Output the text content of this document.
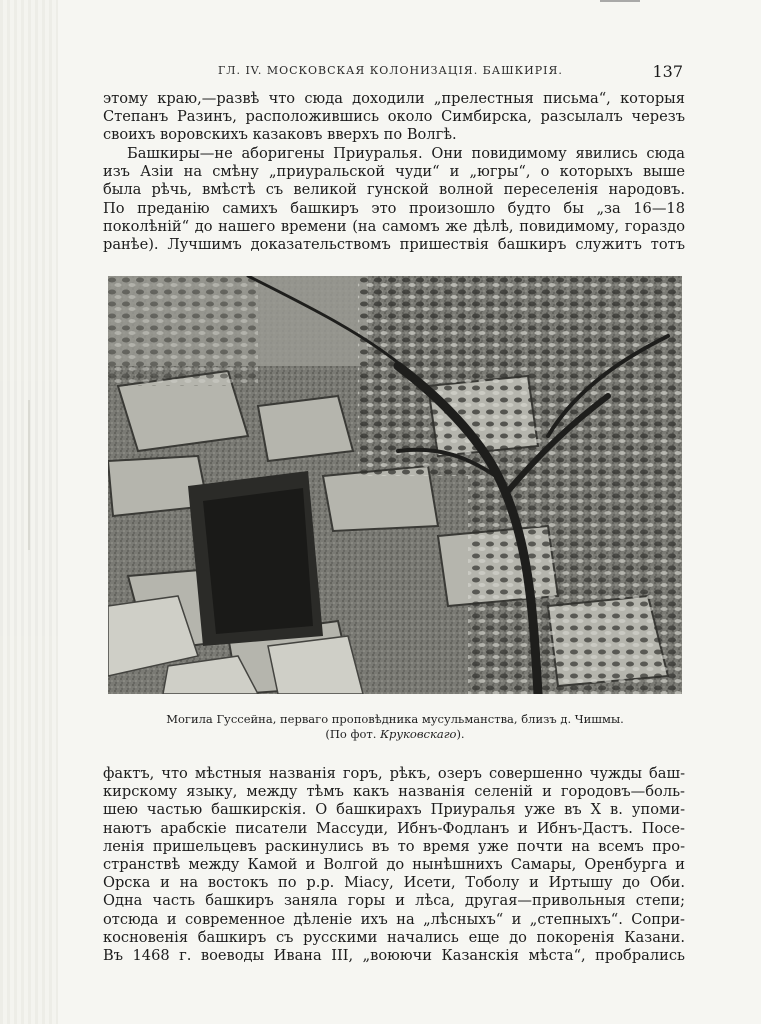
ГЛ. IV. МОСКОВСКАЯ КОЛОНИЗАЦІЯ. БАШКИРІЯ.	137
этому краю,—развѣ что сюда доходили „прелестныя письма“, которыя
Степанъ Разинъ, расположившись около Симбирска, разсылалъ черезъ
своихъ воровскихъ казаковъ вверхъ по Волгѣ.
Башкиры—не аборигены Приуралья. Они повидимому явились сюда
изъ Азіи на смѣну „приуральской чуди“ и „югры“, о которыхъ выше
была рѣчь, вмѣстѣ съ великой гунской волной переселенія народовъ.
По преданію самихъ башкиръ это произошло будто бы „за 16—18
поколѣній“ до нашего времени (на самомъ же дѣлѣ, повидимому, гораздо
ранѣе). Лучшимъ доказательствомъ пришествія башкиръ служитъ тотъ
Могила Гуссейна, перваго проповѣдника мусульманства, близъ д. Чишмы.
(По фот. Круковскаго).
фактъ, что мѣстныя названія горъ, рѣкъ, озеръ совершенно чужды баш-
кирскому языку, между тѣмъ какъ названія селеній и городовъ—боль-
шею частью башкирскія. О башкирахъ Приуралья уже въ X в. упоми-
наютъ арабскіе писатели Массуди, Ибнъ-Фодланъ и Ибнъ-Дастъ. Посе-
ленія пришельцевъ раскинулись въ то время уже почти на всемъ про-
странствѣ между Камой и Волгой до нынѣшнихъ Самары, Оренбурга и
Орска и на востокъ по р.р. Міасу, Исети, Тоболу и Иртышу до Оби.
Одна часть башкиръ заняла горы и лѣса, другая—привольныя степи;
отсюда и современное дѣленіе ихъ на „лѣсныхъ“ и „степныхъ“. Сопри-
косновенія башкиръ съ русскими начались еще до покоренія Казани.
Въ 1468 г. воеводы Ивана III, „воюючи Казанскія мѣста“, пробрались
